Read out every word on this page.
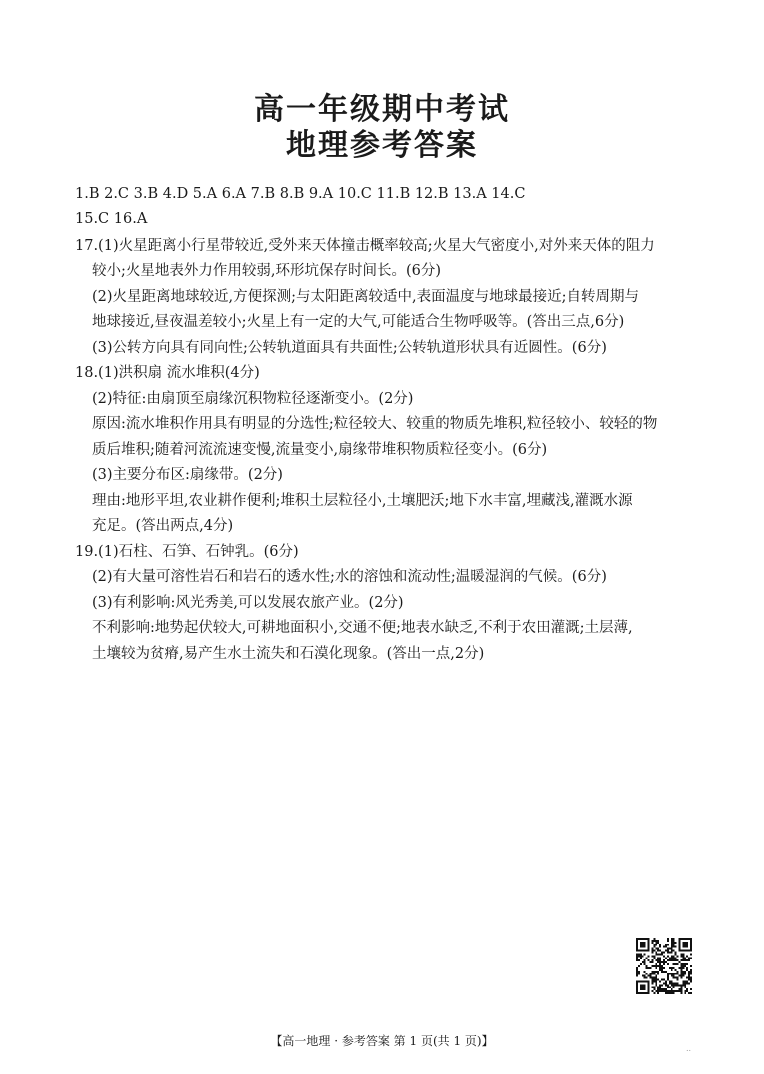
高一年级期中考试
地理参考答案
1.B 2.C 3.B 4.D 5.A 6.A 7.B 8.B 9.A 10.C 11.B 12.B 13.A 14.C
15.C 16.A
17.(1)火星距离小行星带较近,受外来天体撞击概率较高;火星大气密度小,对外来天体的阻力
较小;火星地表外力作用较弱,环形坑保存时间长。(6分)
(2)火星距离地球较近,方便探测;与太阳距离较适中,表面温度与地球最接近;自转周期与
地球接近,昼夜温差较小;火星上有一定的大气,可能适合生物呼吸等。(答出三点,6分)
(3)公转方向具有同向性;公转轨道面具有共面性;公转轨道形状具有近圆性。(6分)
18.(1)洪积扇 流水堆积(4分)
(2)特征:由扇顶至扇缘沉积物粒径逐渐变小。(2分)
原因:流水堆积作用具有明显的分选性;粒径较大、较重的物质先堆积,粒径较小、较轻的物
质后堆积;随着河流流速变慢,流量变小,扇缘带堆积物质粒径变小。(6分)
(3)主要分布区:扇缘带。(2分)
理由:地形平坦,农业耕作便利;堆积土层粒径小,土壤肥沃;地下水丰富,埋藏浅,灌溉水源
充足。(答出两点,4分)
19.(1)石柱、石笋、石钟乳。(6分)
(2)有大量可溶性岩石和岩石的透水性;水的溶蚀和流动性;温暖湿润的气候。(6分)
(3)有利影响:风光秀美,可以发展农旅产业。(2分)
不利影响:地势起伏较大,可耕地面积小,交通不便;地表水缺乏,不利于农田灌溉;土层薄,
土壤较为贫瘠,易产生水土流失和石漠化现象。(答出一点,2分)
【高一地理 · 参考答案 第 1 页(共 1 页)】
..
